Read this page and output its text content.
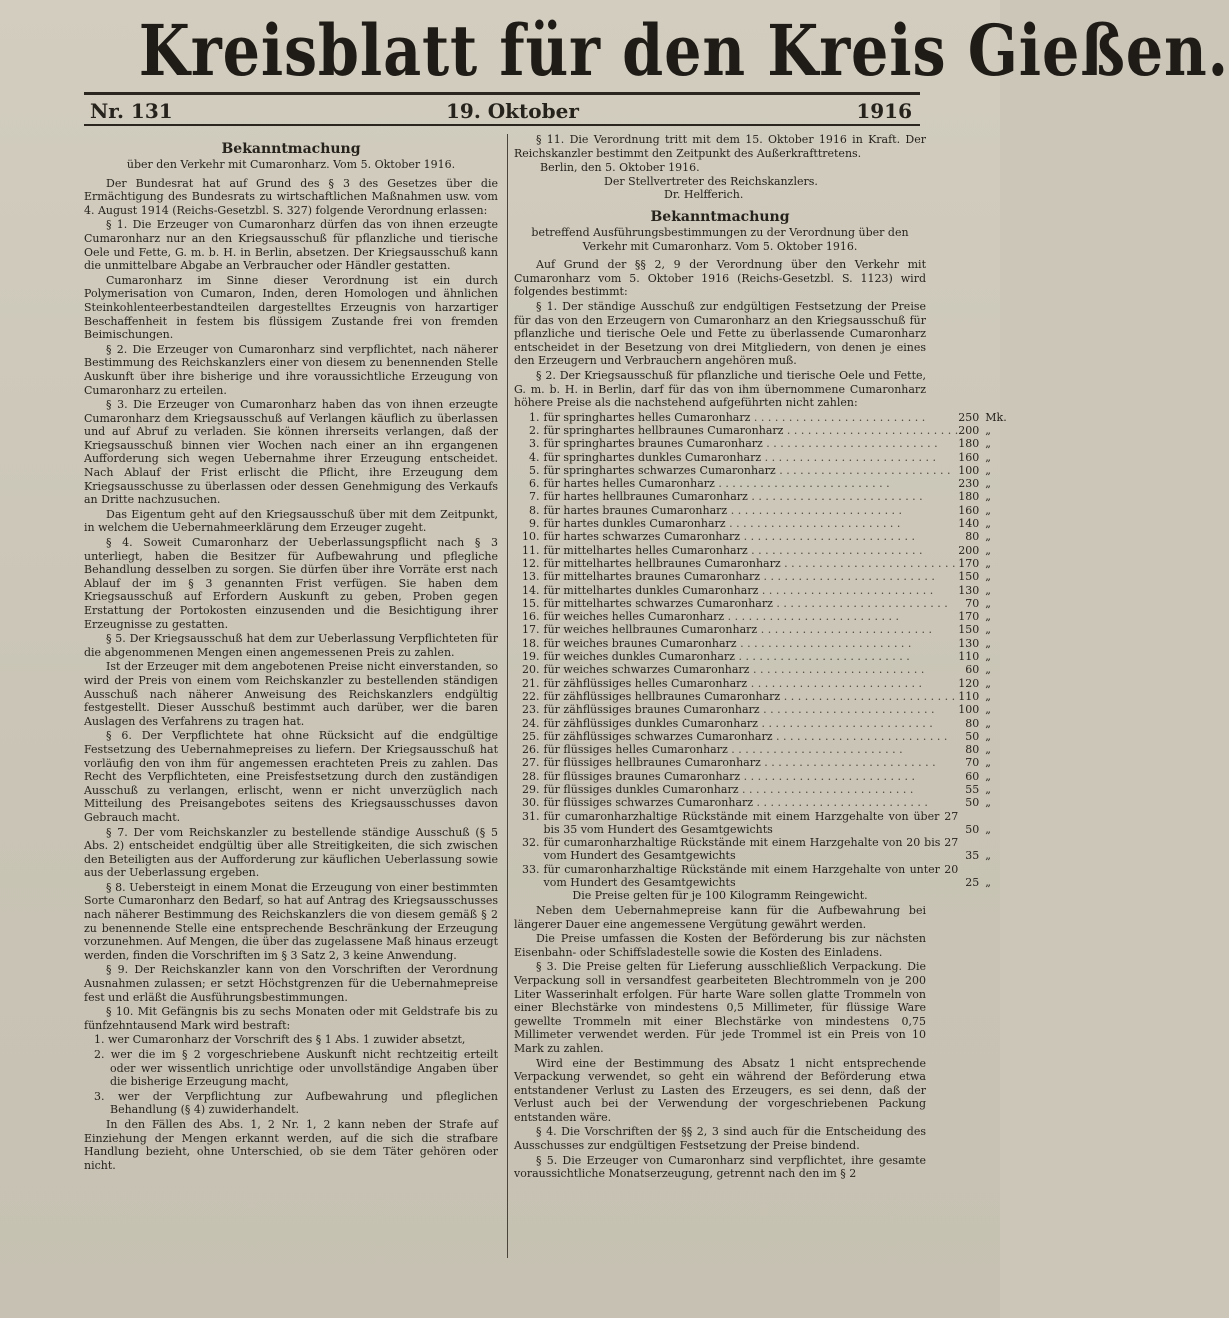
Kreisblatt für den Kreis Gießen.
Nr. 131	19. Oktober	1916

Bekanntmachung

über den Verkehr mit Cumaronharz. Vom 5. Oktober 1916.

Der Bundesrat hat auf Grund des § 3 des Gesetzes über die Ermächtigung des Bundesrats zu wirtschaftlichen Maßnahmen usw. vom 4. August 1914 (Reichs-Gesetzbl. S. 327) folgende Verordnung erlassen:

§ 1. Die Erzeuger von Cumaronharz dürfen das von ihnen erzeugte Cumaronharz nur an den Kriegsausschuß für pflanzliche und tierische Oele und Fette, G. m. b. H. in Berlin, absetzen. Der Kriegsausschuß kann die unmittelbare Abgabe an Verbraucher oder Händler gestatten.

Cumaronharz im Sinne dieser Verordnung ist ein durch Polymerisation von Cumaron, Inden, deren Homologen und ähnlichen Steinkohlenteerbestandteilen dargestelltes Erzeugnis von harzartiger Beschaffenheit in festem bis flüssigem Zustande frei von fremden Beimischungen.

§ 2. Die Erzeuger von Cumaronharz sind verpflichtet, nach näherer Bestimmung des Reichskanzlers einer von diesem zu benennenden Stelle Auskunft über ihre bisherige und ihre voraussichtliche Erzeugung von Cumaronharz zu erteilen.

§ 3. Die Erzeuger von Cumaronharz haben das von ihnen erzeugte Cumaronharz dem Kriegsausschuß auf Verlangen käuflich zu überlassen und auf Abruf zu verladen. Sie können ihrerseits verlangen, daß der Kriegsausschuß binnen vier Wochen nach einer an ihn ergangenen Aufforderung sich wegen Uebernahme ihrer Erzeugung entscheidet. Nach Ablauf der Frist erlischt die Pflicht, ihre Erzeugung dem Kriegsausschusse zu überlassen oder dessen Genehmigung des Verkaufs an Dritte nachzusuchen.

Das Eigentum geht auf den Kriegsausschuß über mit dem Zeitpunkt, in welchem die Uebernahmeerklärung dem Erzeuger zugeht.

§ 4. Soweit Cumaronharz der Ueberlassungspflicht nach § 3 unterliegt, haben die Besitzer für Aufbewahrung und pflegliche Behandlung desselben zu sorgen. Sie dürfen über ihre Vorräte erst nach Ablauf der im § 3 genannten Frist verfügen. Sie haben dem Kriegsausschuß auf Erfordern Auskunft zu geben, Proben gegen Erstattung der Portokosten einzusenden und die Besichtigung ihrer Erzeugnisse zu gestatten.

§ 5. Der Kriegsausschuß hat dem zur Ueberlassung Verpflichteten für die abgenommenen Mengen einen angemessenen Preis zu zahlen.

Ist der Erzeuger mit dem angebotenen Preise nicht einverstanden, so wird der Preis von einem vom Reichskanzler zu bestellenden ständigen Ausschuß nach näherer Anweisung des Reichskanzlers endgültig festgestellt. Dieser Ausschuß bestimmt auch darüber, wer die baren Auslagen des Verfahrens zu tragen hat.

§ 6. Der Verpflichtete hat ohne Rücksicht auf die endgültige Festsetzung des Uebernahmepreises zu liefern. Der Kriegsausschuß hat vorläufig den von ihm für angemessen erachteten Preis zu zahlen. Das Recht des Verpflichteten, eine Preisfestsetzung durch den zuständigen Ausschuß zu verlangen, erlischt, wenn er nicht unverzüglich nach Mitteilung des Preisangebotes seitens des Kriegsausschusses davon Gebrauch macht.

§ 7. Der vom Reichskanzler zu bestellende ständige Ausschuß (§ 5 Abs. 2) entscheidet endgültig über alle Streitigkeiten, die sich zwischen den Beteiligten aus der Aufforderung zur käuflichen Ueberlassung sowie aus der Ueberlassung ergeben.

§ 8. Uebersteigt in einem Monat die Erzeugung von einer bestimmten Sorte Cumaronharz den Bedarf, so hat auf Antrag des Kriegsausschusses nach näherer Bestimmung des Reichskanzlers die von diesem gemäß § 2 zu benennende Stelle eine entsprechende Beschränkung der Erzeugung vorzunehmen. Auf Mengen, die über das zugelassene Maß hinaus erzeugt werden, finden die Vorschriften im § 3 Satz 2, 3 keine Anwendung.

§ 9. Der Reichskanzler kann von den Vorschriften der Verordnung Ausnahmen zulassen; er setzt Höchstgrenzen für die Uebernahmepreise fest und erläßt die Ausführungsbestimmungen.

§ 10. Mit Gefängnis bis zu sechs Monaten oder mit Geldstrafe bis zu fünfzehntausend Mark wird bestraft:

1. wer Cumaronharz der Vorschrift des § 1 Abs. 1 zuwider absetzt,

2. wer die im § 2 vorgeschriebene Auskunft nicht rechtzeitig erteilt oder wer wissentlich unrichtige oder unvollständige Angaben über die bisherige Erzeugung macht,

3. wer der Verpflichtung zur Aufbewahrung und pfleglichen Behandlung (§ 4) zuwiderhandelt.

In den Fällen des Abs. 1, 2 Nr. 1, 2 kann neben der Strafe auf Einziehung der Mengen erkannt werden, auf die sich die strafbare Handlung bezieht, ohne Unterschied, ob sie dem Täter gehören oder nicht.

§ 11. Die Verordnung tritt mit dem 15. Oktober 1916 in Kraft. Der Reichskanzler bestimmt den Zeitpunkt des Außerkrafttretens.

Berlin, den 5. Oktober 1916.

Der Stellvertreter des Reichskanzlers.

Dr. Helfferich.

Bekanntmachung

betreffend Ausführungsbestimmungen zu der Verordnung über den Verkehr mit Cumaronharz. Vom 5. Oktober 1916.

Auf Grund der §§ 2, 9 der Verordnung über den Verkehr mit Cumaronharz vom 5. Oktober 1916 (Reichs-Gesetzbl. S. 1123) wird folgendes bestimmt:

§ 1. Der ständige Ausschuß zur endgültigen Festsetzung der Preise für das von den Erzeugern von Cumaronharz an den Kriegsausschuß für pflanzliche und tierische Oele und Fette zu überlassende Cumaronharz entscheidet in der Besetzung von drei Mitgliedern, von denen je eines den Erzeugern und Verbrauchern angehören muß.

§ 2. Der Kriegsausschuß für pflanzliche und tierische Oele und Fette, G. m. b. H. in Berlin, darf für das von ihm übernommene Cumaronharz höhere Preise als die nachstehend aufgeführten nicht zahlen:

1.	für springhartes helles Cumaronharz . . .	250	Mk.
2.	für springhartes hellbraunes Cumaronharz . . .	200	„
3.	für springhartes braunes Cumaronharz . . .	180	„
4.	für springhartes dunkles Cumaronharz . . .	160	„
5.	für springhartes schwarzes Cumaronharz . . .	100	„
6.	für hartes helles Cumaronharz . . .	230	„
7.	für hartes hellbraunes Cumaronharz . . .	180	„
8.	für hartes braunes Cumaronharz . . .	160	„
9.	für hartes dunkles Cumaronharz . . .	140	„
10.	für hartes schwarzes Cumaronharz . . .	80	„
11.	für mittelhartes helles Cumaronharz . . .	200	„
12.	für mittelhartes hellbraunes Cumaronharz . . .	170	„
13.	für mittelhartes braunes Cumaronharz . . .	150	„
14.	für mittelhartes dunkles Cumaronharz . . .	130	„
15.	für mittelhartes schwarzes Cumaronharz . . .	70	„
16.	für weiches helles Cumaronharz . . .	170	„
17.	für weiches hellbraunes Cumaronharz . . .	150	„
18.	für weiches braunes Cumaronharz . . .	130	„
19.	für weiches dunkles Cumaronharz . . .	110	„
20.	für weiches schwarzes Cumaronharz . . .	60	„
21.	für zähflüssiges helles Cumaronharz . . .	120	„
22.	für zähflüssiges hellbraunes Cumaronharz . . .	110	„
23.	für zähflüssiges braunes Cumaronharz . . .	100	„
24.	für zähflüssiges dunkles Cumaronharz . . .	80	„
25.	für zähflüssiges schwarzes Cumaronharz . . .	50	„
26.	für flüssiges helles Cumaronharz . . .	80	„
27.	für flüssiges hellbraunes Cumaronharz . . .	70	„
28.	für flüssiges braunes Cumaronharz . . .	60	„
29.	für flüssiges dunkles Cumaronharz . . .	55	„
30.	für flüssiges schwarzes Cumaronharz . . .	50	„
31.	für cumaronharzhaltige Rückstände mit einem Harzgehalte von über 27 bis 35 vom Hundert des Gesamtgewichts	50	„
32.	für cumaronharzhaltige Rückstände mit einem Harzgehalte von 20 bis 27 vom Hundert des Gesamtgewichts	35	„
33.	für cumaronharzhaltige Rückstände mit einem Harzgehalte von unter 20 vom Hundert des Gesamtgewichts	25	„

Die Preise gelten für je 100 Kilogramm Reingewicht.

Neben dem Uebernahmepreise kann für die Aufbewahrung bei längerer Dauer eine angemessene Vergütung gewährt werden.

Die Preise umfassen die Kosten der Beförderung bis zur nächsten Eisenbahn- oder Schiffsladestelle sowie die Kosten des Einladens.

§ 3. Die Preise gelten für Lieferung ausschließlich Verpackung. Die Verpackung soll in versandfest gearbeiteten Blechtrommeln von je 200 Liter Wasserinhalt erfolgen. Für harte Ware sollen glatte Trommeln von einer Blechstärke von mindestens 0,5 Millimeter, für flüssige Ware gewellte Trommeln mit einer Blechstärke von mindestens 0,75 Millimeter verwendet werden. Für jede Trommel ist ein Preis von 10 Mark zu zahlen.

Wird eine der Bestimmung des Absatz 1 nicht entsprechende Verpackung verwendet, so geht ein während der Beförderung etwa entstandener Verlust zu Lasten des Erzeugers, es sei denn, daß der Verlust auch bei der Verwendung der vorgeschriebenen Packung entstanden wäre.

§ 4. Die Vorschriften der §§ 2, 3 sind auch für die Entscheidung des Ausschusses zur endgültigen Festsetzung der Preise bindend.

§ 5. Die Erzeuger von Cumaronharz sind verpflichtet, ihre gesamte voraussichtliche Monatserzeugung, getrennt nach den im § 2
